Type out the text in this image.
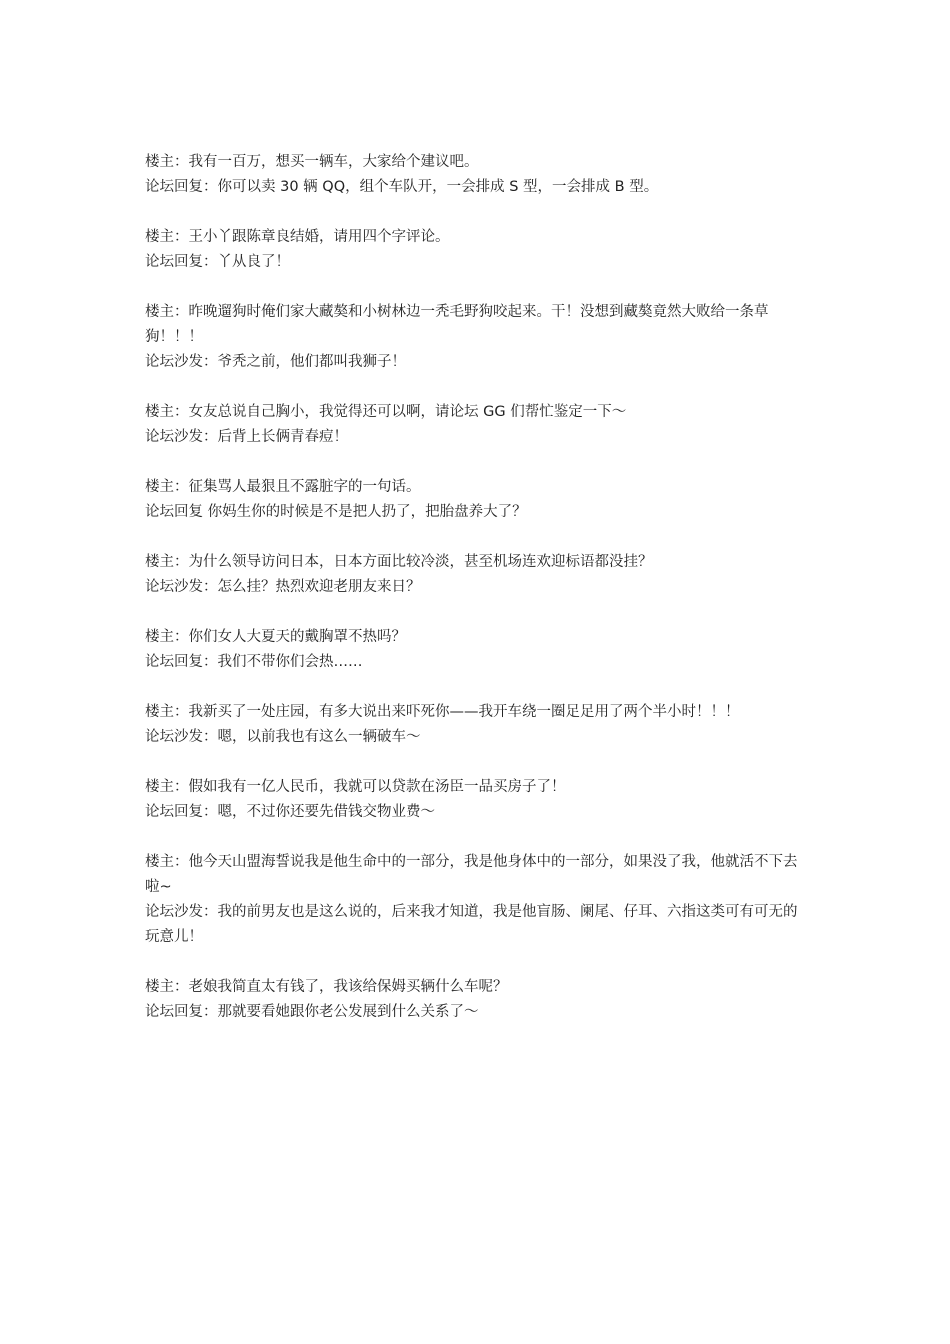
楼主：我有一百万，想买一辆车，大家给个建议吧。

论坛回复：你可以卖 30 辆 QQ，组个车队开，一会排成 S 型，一会排成 B 型。

楼主：王小丫跟陈章良结婚，请用四个字评论。

论坛回复：丫从良了！

楼主：昨晚遛狗时俺们家大藏獒和小树林边一秃毛野狗咬起来。干！没想到藏獒竟然大败给一条草狗！！！

论坛沙发：爷秃之前，他们都叫我狮子！

楼主：女友总说自己胸小，我觉得还可以啊，请论坛 GG 们帮忙鉴定一下～

论坛沙发：后背上长俩青春痘！

楼主：征集骂人最狠且不露脏字的一句话。

论坛回复 你妈生你的时候是不是把人扔了，把胎盘养大了？

楼主：为什么领导访问日本，日本方面比较冷淡，甚至机场连欢迎标语都没挂？

论坛沙发：怎么挂？热烈欢迎老朋友来日？

楼主：你们女人大夏天的戴胸罩不热吗？

论坛回复：我们不带你们会热……

楼主：我新买了一处庄园，有多大说出来吓死你——我开车绕一圈足足用了两个半小时！！！

论坛沙发：嗯，以前我也有这么一辆破车～

楼主：假如我有一亿人民币，我就可以贷款在汤臣一品买房子了！

论坛回复：嗯，不过你还要先借钱交物业费～

楼主：他今天山盟海誓说我是他生命中的一部分，我是他身体中的一部分，如果没了我，他就活不下去啦~

论坛沙发：我的前男友也是这么说的，后来我才知道，我是他盲肠、阑尾、仔耳、六指这类可有可无的玩意儿！

楼主：老娘我简直太有钱了，我该给保姆买辆什么车呢？

论坛回复：那就要看她跟你老公发展到什么关系了～
